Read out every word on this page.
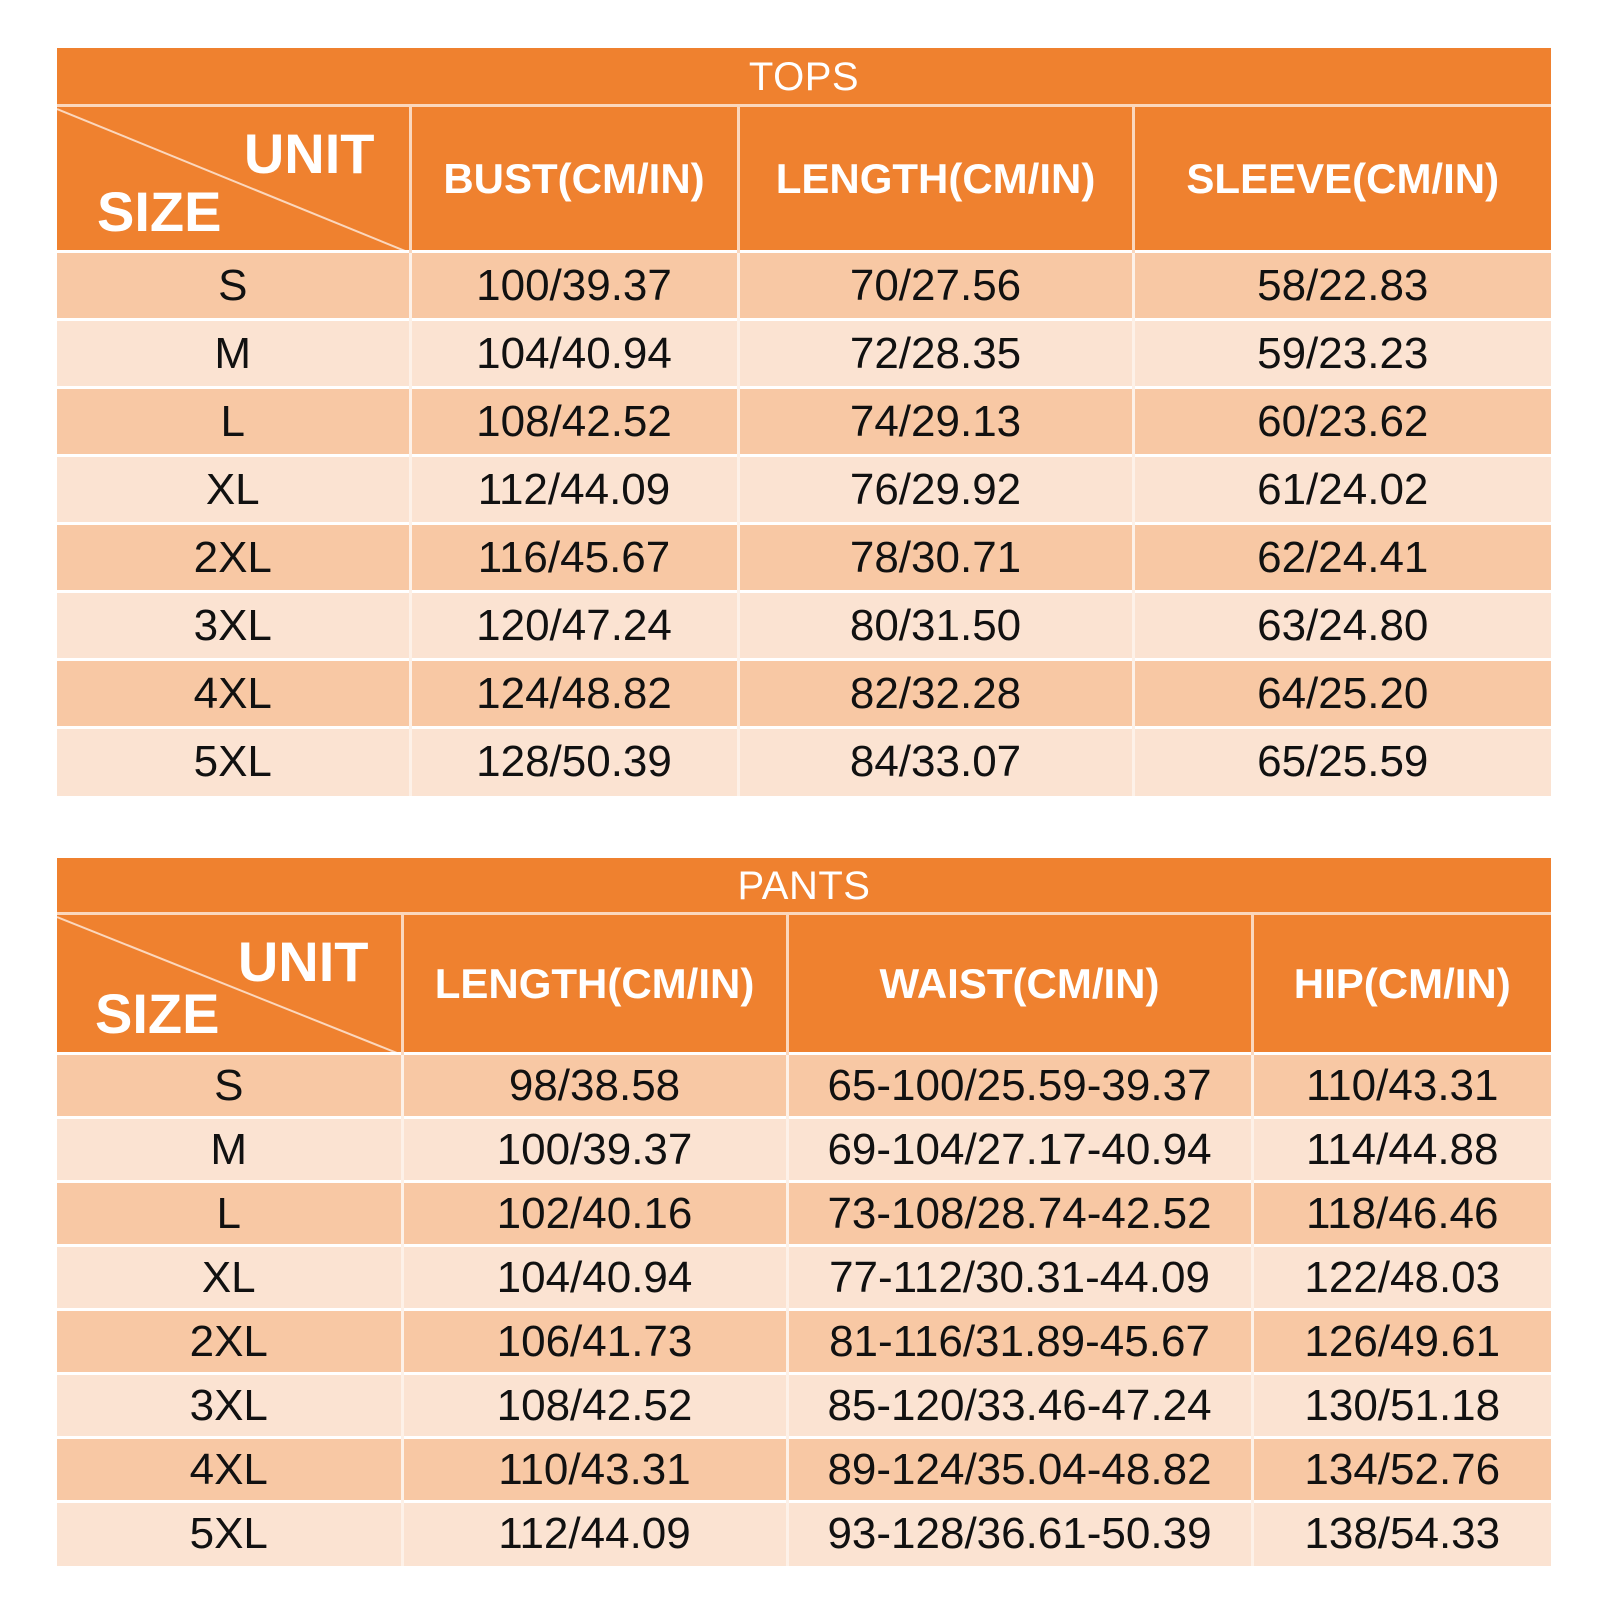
TOPS
UNIT
SIZE	BUST(CM/IN)	LENGTH(CM/IN)	SLEEVE(CM/IN)
S	100/39.37	70/27.56	58/22.83
M	104/40.94	72/28.35	59/23.23
L	108/42.52	74/29.13	60/23.62
XL	112/44.09	76/29.92	61/24.02
2XL	116/45.67	78/30.71	62/24.41
3XL	120/47.24	80/31.50	63/24.80
4XL	124/48.82	82/32.28	64/25.20
5XL	128/50.39	84/33.07	65/25.59
PANTS
UNIT
SIZE	LENGTH(CM/IN)	WAIST(CM/IN)	HIP(CM/IN)
S	98/38.58	65-100/25.59-39.37	110/43.31
M	100/39.37	69-104/27.17-40.94	114/44.88
L	102/40.16	73-108/28.74-42.52	118/46.46
XL	104/40.94	77-112/30.31-44.09	122/48.03
2XL	106/41.73	81-116/31.89-45.67	126/49.61
3XL	108/42.52	85-120/33.46-47.24	130/51.18
4XL	110/43.31	89-124/35.04-48.82	134/52.76
5XL	112/44.09	93-128/36.61-50.39	138/54.33
